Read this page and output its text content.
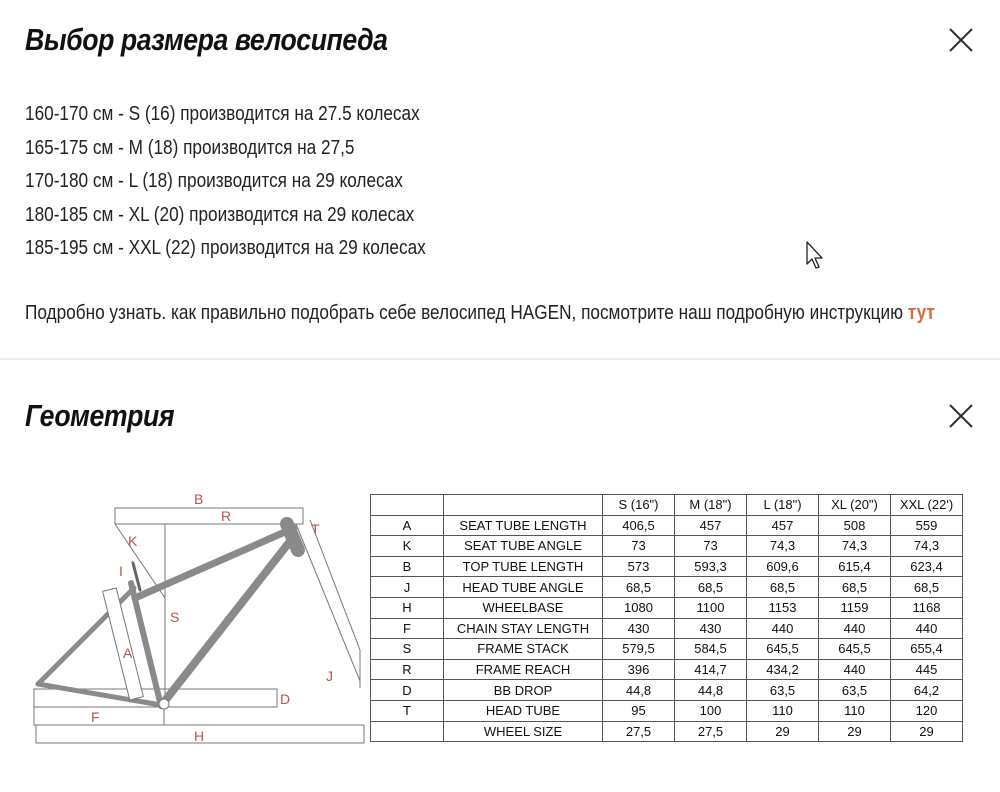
Выбор размера велосипеда
160-170 см - S (16) производится на 27.5 колесах
165-175 см - M (18) производится на 27,5
170-180 см - L (18) производится на 29 колесах
180-185 см - XL (20) производится на 29 колесах
185-195 см - XXL (22) производится на 29 колесах

Подробно узнать. как правильно подобрать себе велосипед HAGEN, посмотрите наш подробную инструкцию тут

Геометрия
B
R
T
K
I
S
A
J
D
F
H
		S (16")	M (18")	L (18")	XL (20")	XXL (22')
A	SEAT TUBE LENGTH	406,5	457	457	508	559
K	SEAT TUBE ANGLE	73	73	74,3	74,3	74,3
B	TOP TUBE LENGTH	573	593,3	609,6	615,4	623,4
J	HEAD TUBE ANGLE	68,5	68,5	68,5	68,5	68,5
H	WHEELBASE	1080	1100	1153	1159	1168
F	CHAIN STAY LENGTH	430	430	440	440	440
S	FRAME STACK	579,5	584,5	645,5	645,5	655,4
R	FRAME REACH	396	414,7	434,2	440	445
D	BB DROP	44,8	44,8	63,5	63,5	64,2
T	HEAD TUBE	95	100	110	110	120
	WHEEL SIZE	27,5	27,5	29	29	29
